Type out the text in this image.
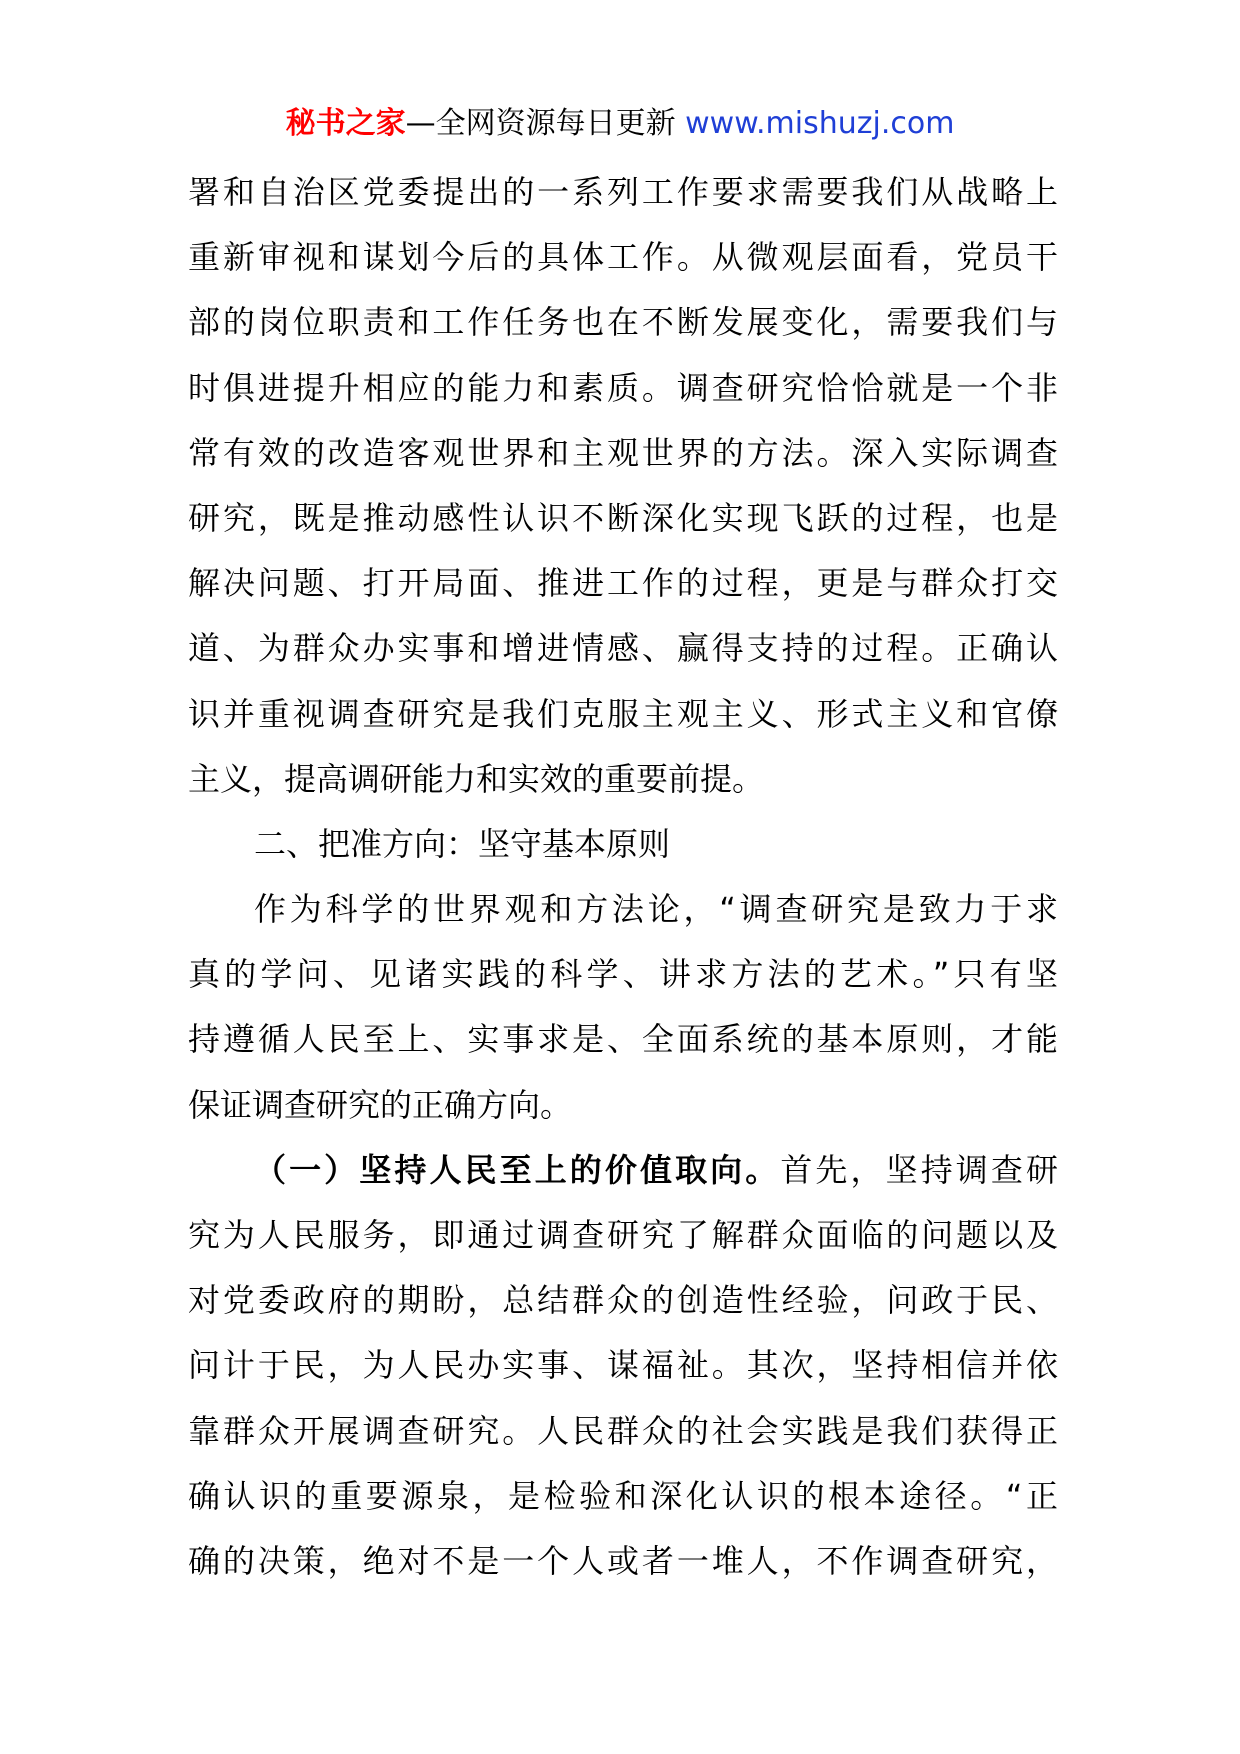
秘书之家—全网资源每日更新 www.mishuzj.com
署和自治区党委提出的一系列工作要求需要我们从战略上
重新审视和谋划今后的具体工作。从微观层面看，党员干
部的岗位职责和工作任务也在不断发展变化，需要我们与
时俱进提升相应的能力和素质。调查研究恰恰就是一个非
常有效的改造客观世界和主观世界的方法。深入实际调查
研究，既是推动感性认识不断深化实现飞跃的过程，也是
解决问题、打开局面、推进工作的过程，更是与群众打交
道、为群众办实事和增进情感、赢得支持的过程。正确认
识并重视调查研究是我们克服主观主义、形式主义和官僚
主义，提高调研能力和实效的重要前提。
二、把准方向：坚守基本原则
作为科学的世界观和方法论，“调查研究是致力于求
真的学问、见诸实践的科学、讲求方法的艺术。”只有坚
持遵循人民至上、实事求是、全面系统的基本原则，才能
保证调查研究的正确方向。
（一）坚持人民至上的价值取向。首先，坚持调查研
究为人民服务，即通过调查研究了解群众面临的问题以及
对党委政府的期盼，总结群众的创造性经验，问政于民、
问计于民，为人民办实事、谋福祉。其次，坚持相信并依
靠群众开展调查研究。人民群众的社会实践是我们获得正
确认识的重要源泉，是检验和深化认识的根本途径。“正
确的决策，绝对不是一个人或者一堆人，不作调查研究，
